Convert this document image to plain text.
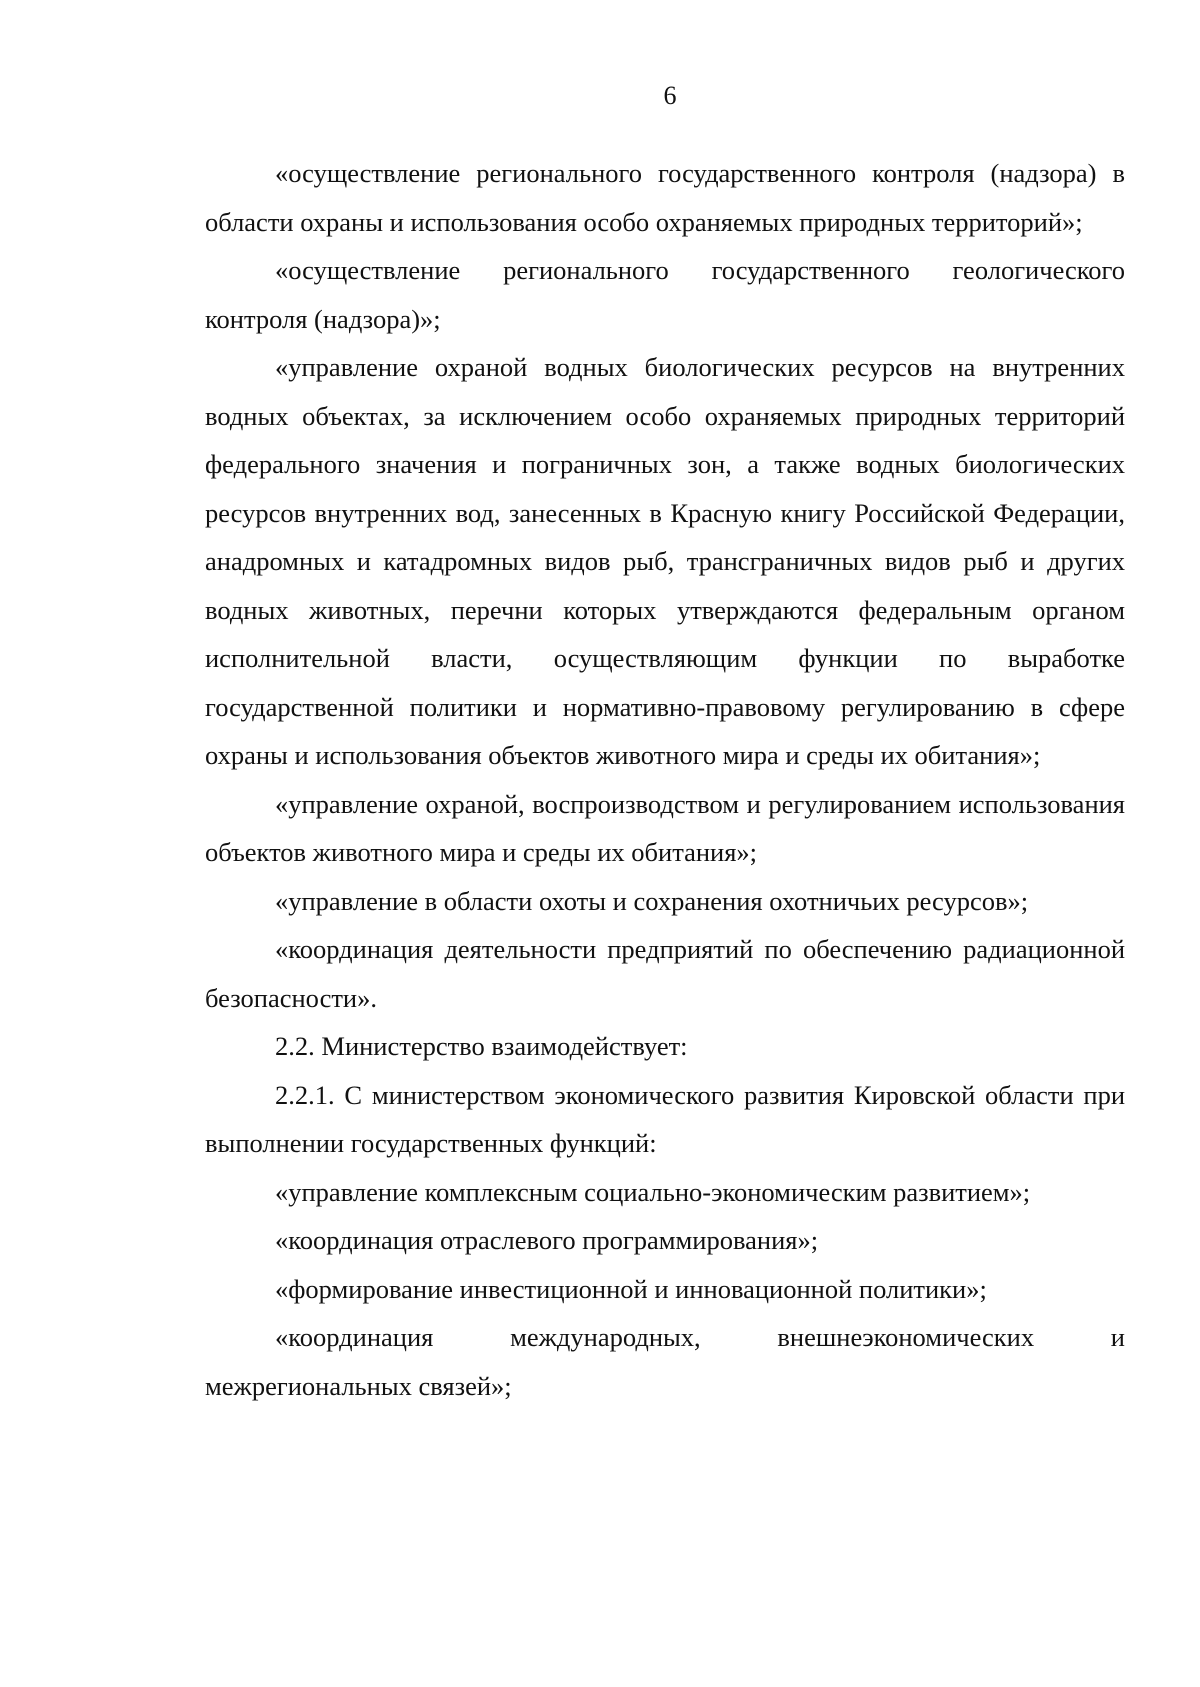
6

«осуществление регионального государственного контроля (надзора) в области охраны и использования особо охраняемых природных территорий»;

«осуществление регионального государственного геологического контроля (надзора)»;

«управление охраной водных биологических ресурсов на внутренних водных объектах, за исключением особо охраняемых природных территорий федерального значения и пограничных зон, а также водных биологических ресурсов внутренних вод, занесенных в Красную книгу Российской Федерации, анадромных и катадромных видов рыб, трансграничных видов рыб и других водных животных, перечни которых утверждаются федеральным органом исполнительной власти, осуществляющим функции по выработке государственной политики и нормативно-правовому регулированию в сфере охраны и использования объектов животного мира и среды их обитания»;

«управление охраной, воспроизводством и регулированием использования объектов животного мира и среды их обитания»;

«управление в области охоты и сохранения охотничьих ресурсов»;

«координация деятельности предприятий по обеспечению радиационной безопасности».

2.2. Министерство взаимодействует:

2.2.1. С министерством экономического развития Кировской области при выполнении государственных функций:

«управление комплексным социально-экономическим развитием»;

«координация отраслевого программирования»;

«формирование инвестиционной и инновационной политики»;

«координация международных, внешнеэкономических и межрегиональных связей»;
